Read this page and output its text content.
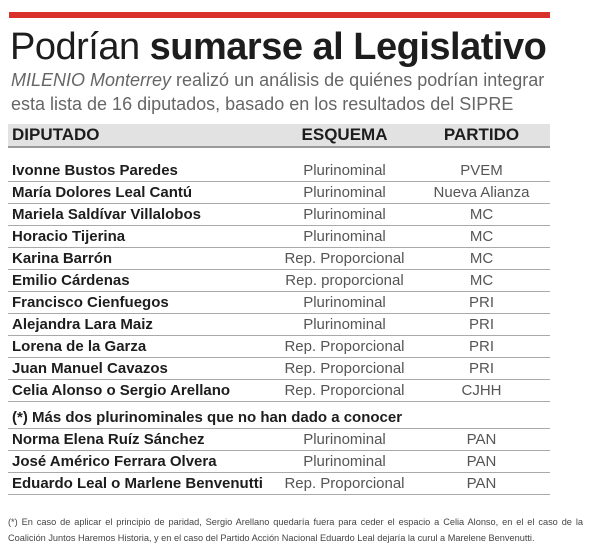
Podrían sumarse al Legislativo
MILENIO Monterrey realizó un análisis de quiénes podrían integrar esta lista de 16 diputados, basado en los resultados del SIPRE
DIPUTADO	ESQUEMA	PARTIDO
Ivonne Bustos Paredes	Plurinominal	PVEM
María Dolores Leal Cantú	Plurinominal	Nueva Alianza
Mariela Saldívar Villalobos	Plurinominal	MC
Horacio Tijerina	Plurinominal	MC
Karina Barrón	Rep. Proporcional	MC
Emilio Cárdenas	Rep. proporcional	MC
Francisco Cienfuegos	Plurinominal	PRI
Alejandra Lara Maiz	Plurinominal	PRI
Lorena de la Garza	Rep. Proporcional	PRI
Juan Manuel Cavazos	Rep. Proporcional	PRI
Celia Alonso o Sergio Arellano	Rep. Proporcional	CJHH
(*) Más dos plurinominales que no han dado a conocer
Norma Elena Ruíz Sánchez	Plurinominal	PAN
José Américo Ferrara Olvera	Plurinominal	PAN
Eduardo Leal o Marlene Benvenutti	Rep. Proporcional	PAN
(*) En caso de aplicar el principio de paridad, Sergio Arellano quedaría fuera para ceder el espacio a Celia Alonso, en el el caso de la Coalición Juntos Haremos Historia, y en el caso del Partido Acción Nacional Eduardo Leal dejaría la curul a Marelene Benvenutti.
